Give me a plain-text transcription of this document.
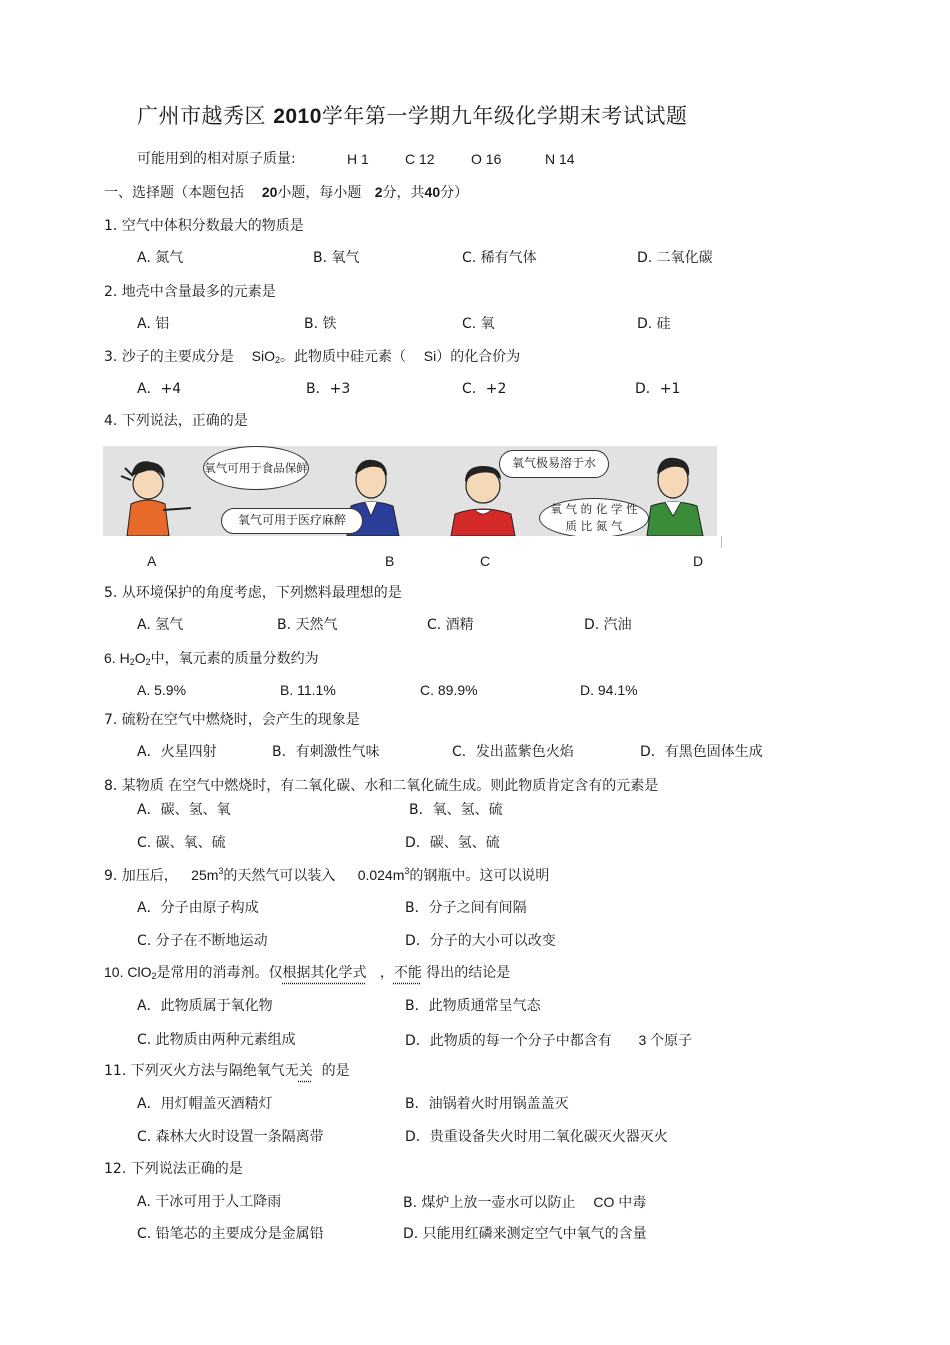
广州市越秀区 2010学年第一学期九年级化学期末考试试题
可能用到的相对原子质量:	H 1	C 12	O 16	N 14
一、选择题（本题包括 20小题，每小题 2分，共40分）
1. 空气中体积分数最大的物质是
A. 氮气	B. 氧气	C. 稀有气体	D. 二氧化碳
2. 地壳中含量最多的元素是
A. 铝	B. 铁	C. 氧	D. 硅
3. 沙子的主要成分是 SiO$_2$。此物质中硅元素（ Si）的化合价为
A．+4	B．+3	C．+2	D．+1
4. 下列说法，正确的是
氧气可用于食品保鲜
氧气可用于医疗麻醉
氧气极易溶于水
氧 气 的 化 学 性 质 比 氮 气
A	B	C	D
5. 从环境保护的角度考虑，下列燃料最理想的是
A. 氢气	B. 天然气	C. 酒精	D. 汽油
6. $H_2O_2$中，氧元素的质量分数约为
A. 5.9%	B. 11.1%	C. 89.9%	D. 94.1%
7. 硫粉在空气中燃烧时，会产生的现象是
A．火星四射	B．有刺激性气味	C．发出蓝紫色火焰	D．有黑色固体生成
8. 某物质 在空气中燃烧时，有二氧化碳、水和二氧化硫生成。则此物质肯定含有的元素是
A．碳、氢、氧	B．氧、氢、硫
C. 碳、氧、硫	D．碳、氢、硫
9. 加压后， $25m^3$的天然气可以装入 $0.024m^3$的钢瓶中。这可以说明
A．分子由原子构成	B．分子之间有间隔
C. 分子在不断地运动	D．分子的大小可以改变
10. ClO$_2$是常用的消毒剂。仅根据其化学式 ，不能 得出的结论是
A．此物质属于氧化物	B．此物质通常呈气态
C. 此物质由两种元素组成	D．此物质的每一个分子中都含有 3 个原子
11. 下列灭火方法与隔绝氧气无关 的是
A．用灯帽盖灭酒精灯	B．油锅着火时用锅盖盖灭
C. 森林大火时设置一条隔离带	D．贵重设备失火时用二氧化碳灭火器灭火
12. 下列说法正确的是
A. 干冰可用于人工降雨	B. 煤炉上放一壶水可以防止 CO 中毒
C. 铅笔芯的主要成分是金属铅	D. 只能用红磷来测定空气中氧气的含量
